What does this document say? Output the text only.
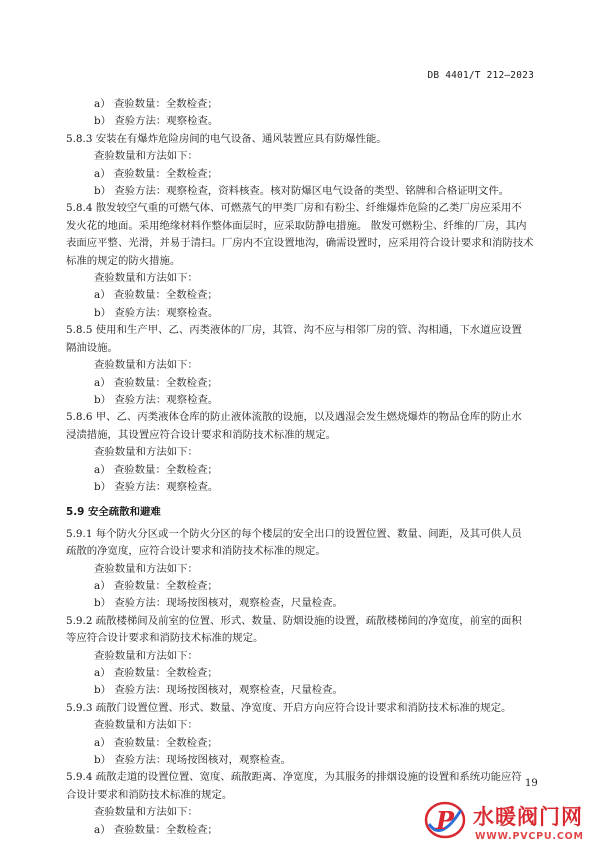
DB 4401/T 212—2023
a） 查验数量：全数检查；
b） 查验方法：观察检查。
5.8.3 安装在有爆炸危险房间的电气设备、通风装置应具有防爆性能。
查验数量和方法如下：
a） 查验数量：全数检查；
b） 查验方法：观察检查，资料核查。核对防爆区电气设备的类型、铭牌和合格证明文件。
5.8.4 散发较空气重的可燃气体、可燃蒸气的甲类厂房和有粉尘、纤维爆炸危险的乙类厂房应采用不
发火花的地面。采用绝缘材料作整体面层时，应采取防静电措施。 散发可燃粉尘、纤维的厂房，其内
表面应平整、光滑，并易于清扫。厂房内不宜设置地沟，确需设置时，应采用符合设计要求和消防技术
标准的规定的防火措施。
查验数量和方法如下：
a） 查验数量：全数检查；
b） 查验方法：观察检查。
5.8.5 使用和生产甲、乙、丙类液体的厂房，其管、沟不应与相邻厂房的管、沟相通，下水道应设置
隔油设施。
查验数量和方法如下：
a） 查验数量：全数检查；
b） 查验方法：观察检查。
5.8.6 甲、乙、丙类液体仓库的防止液体流散的设施，以及遇湿会发生燃烧爆炸的物品仓库的防止水
浸渍措施，其设置应符合设计要求和消防技术标准的规定。
查验数量和方法如下：
a） 查验数量：全数检查；
b） 查验方法：观察检查。
5.9 安全疏散和避难
5.9.1 每个防火分区或一个防火分区的每个楼层的安全出口的设置位置、数量、间距，及其可供人员
疏散的净宽度，应符合设计要求和消防技术标准的规定。
查验数量和方法如下：
a） 查验数量：全数检查；
b） 查验方法：现场按图核对，观察检查，尺量检查。
5.9.2 疏散楼梯间及前室的位置、形式、数量、防烟设施的设置，疏散楼梯间的净宽度，前室的面积
等应符合设计要求和消防技术标准的规定。
查验数量和方法如下：
a） 查验数量：全数检查；
b） 查验方法：现场按图核对，观察检查，尺量检查。
5.9.3 疏散门设置位置、形式、数量、净宽度、开启方向应符合设计要求和消防技术标准的规定。
查验数量和方法如下：
a） 查验数量：全数检查；
b） 查验方法：现场按图核对，观察检查。
5.9.4 疏散走道的设置位置、宽度、疏散距离、净宽度，为其服务的排烟设施的设置和系统功能应符
合设计要求和消防技术标准的规定。
查验数量和方法如下：
a） 查验数量：全数检查；
19
P 水暖阀门网
WWW.PVCPU.COM
